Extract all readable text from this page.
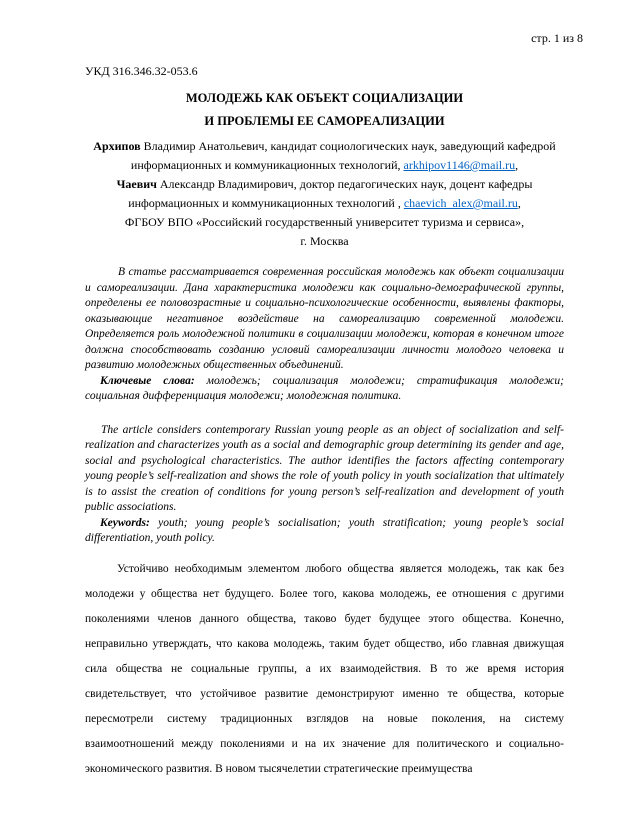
стр. 1 из 8
УКД 316.346.32-053.6
МОЛОДЕЖЬ КАК ОБЪЕКТ СОЦИАЛИЗАЦИИ
И ПРОБЛЕМЫ ЕЕ САМОРЕАЛИЗАЦИИ
Архипов Владимир Анатольевич, кандидат социологических наук, заведующий кафедрой информационных и коммуникационных технологий, arkhipov1146@mail.ru,
Чаевич Александр Владимирович, доктор педагогических наук, доцент кафедры информационных и коммуникационных технологий , chaevich_alex@mail.ru,
ФГБОУ ВПО «Российский государственный университет туризма и сервиса»,
г. Москва

В статье рассматривается современная российская молодежь как объект социализации и самореализации. Дана характеристика молодежи как социально-демографической группы, определены ее половозрастные и социально-психологические особенности, выявлены факторы, оказывающие негативное воздействие на самореализацию современной молодежи. Определяется роль молодежной политики в социализации молодежи, которая в конечном итоге должна способствовать созданию условий самореализации личности молодого человека и развитию молодежных общественных объединений.

Ключевые слова: молодежь; социализация молодежи; стратификация молодежи; социальная дифференциация молодежи; молодежная политика.

The article considers contemporary Russian young people as an object of socialization and self-realization and characterizes youth as a social and demographic group determining its gender and age, social and psychological characteristics. The author identifies the factors affecting contemporary young people’s self-realization and shows the role of youth policy in youth socialization that ultimately is to assist the creation of conditions for young person’s self-realization and development of youth public associations.

Keywords: youth; young people’s socialisation; youth stratification; young people’s social differentiation, youth policy.

Устойчиво необходимым элементом любого общества является молодежь, так как без молодежи у общества нет будущего. Более того, какова молодежь, ее отношения с другими поколениями членов данного общества, таково будет будущее этого общества. Конечно, неправильно утверждать, что какова молодежь, таким будет общество, ибо главная движущая сила общества не социальные группы, а их взаимодействия. В то же время история свидетельствует, что устойчивое развитие демонстрируют именно те общества, которые пересмотрели систему традиционных взглядов на новые поколения, на систему взаимоотношений между поколениями и на их значение для политического и социально-экономического развития. В новом тысячелетии стратегические преимущества
